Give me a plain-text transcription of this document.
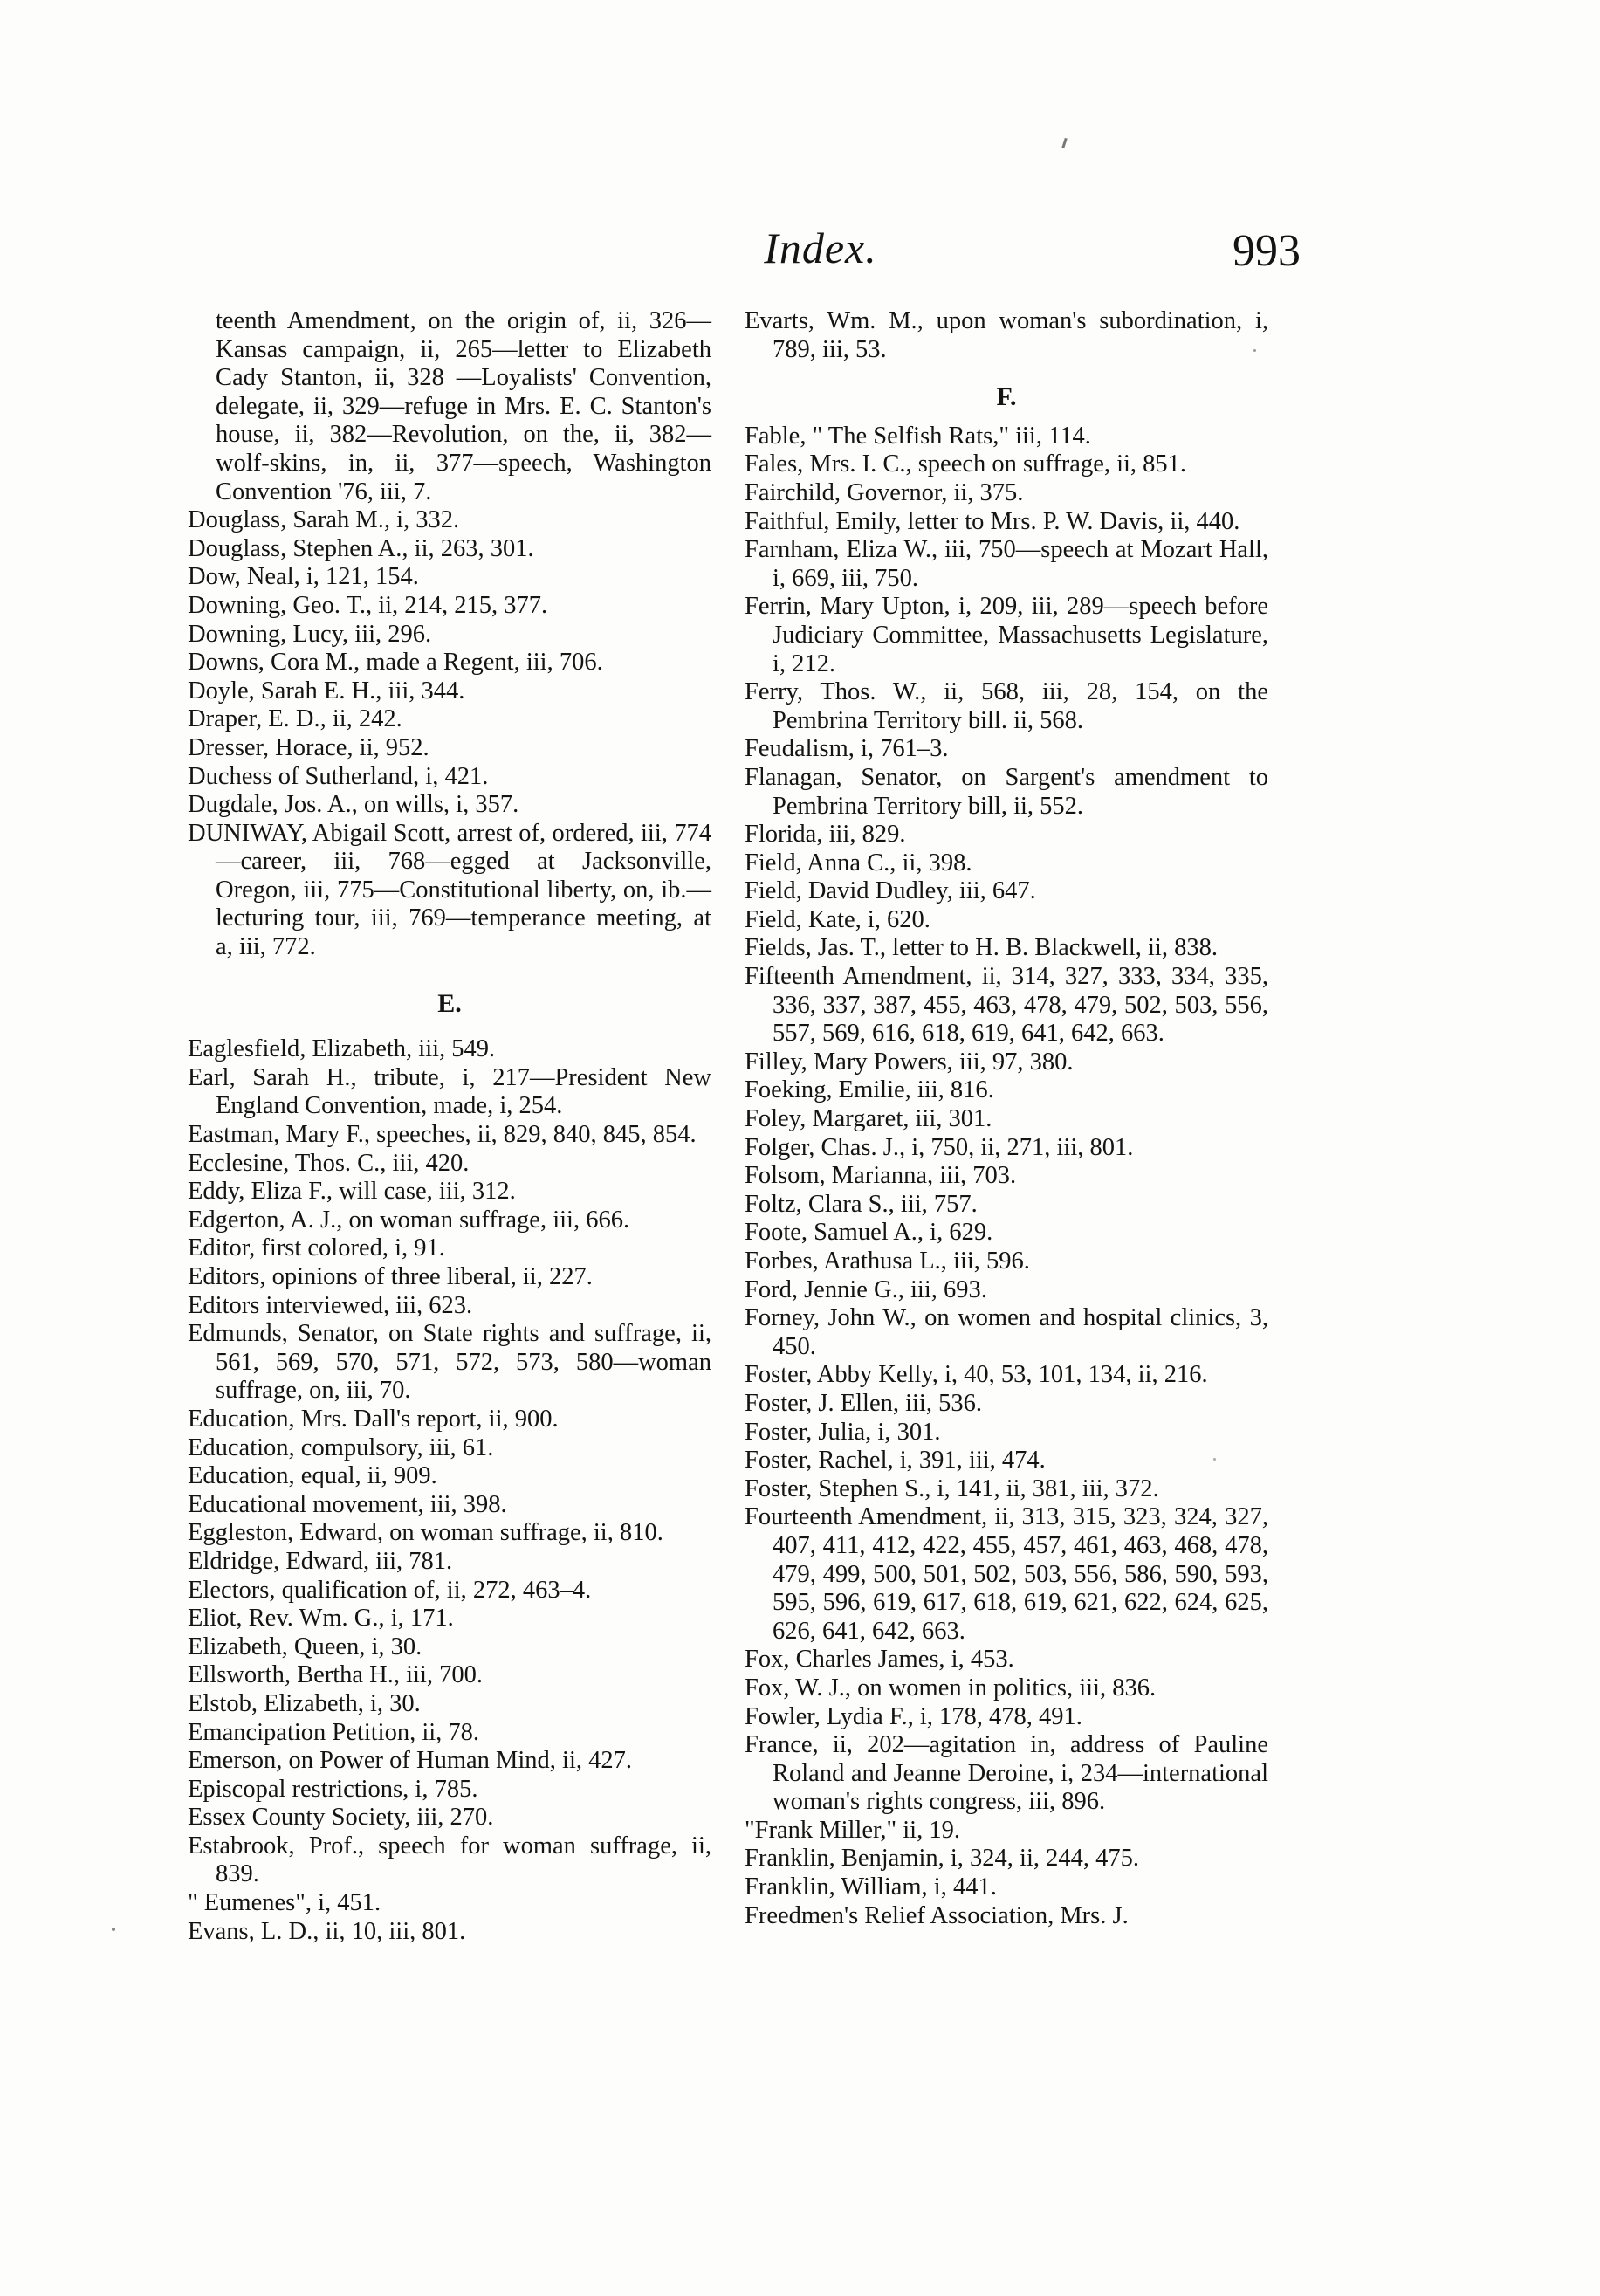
Index.	993
teenth Amendment, on the origin of, ii, 326—Kansas campaign, ii, 265—letter to Elizabeth Cady Stanton, ii, 328 —Loyalists' Convention, delegate, ii, 329—refuge in Mrs. E. C. Stanton's house, ii, 382—Revolution, on the, ii, 382—wolf-skins, in, ii, 377—speech, Washington Convention '76, iii, 7.
Douglass, Sarah M., i, 332.
Douglass, Stephen A., ii, 263, 301.
Dow, Neal, i, 121, 154.
Downing, Geo. T., ii, 214, 215, 377.
Downing, Lucy, iii, 296.
Downs, Cora M., made a Regent, iii, 706.
Doyle, Sarah E. H., iii, 344.
Draper, E. D., ii, 242.
Dresser, Horace, ii, 952.
Duchess of Sutherland, i, 421.
Dugdale, Jos. A., on wills, i, 357.
DUNIWAY, Abigail Scott, arrest of, ordered, iii, 774—career, iii, 768—egged at Jacksonville, Oregon, iii, 775—Constitutional liberty, on, ib.—lecturing tour, iii, 769—temperance meeting, at a, iii, 772.
E.
Eaglesfield, Elizabeth, iii, 549.
Earl, Sarah H., tribute, i, 217—President New England Convention, made, i, 254.
Eastman, Mary F., speeches, ii, 829, 840, 845, 854.
Ecclesine, Thos. C., iii, 420.
Eddy, Eliza F., will case, iii, 312.
Edgerton, A. J., on woman suffrage, iii, 666.
Editor, first colored, i, 91.
Editors, opinions of three liberal, ii, 227.
Editors interviewed, iii, 623.
Edmunds, Senator, on State rights and suffrage, ii, 561, 569, 570, 571, 572, 573, 580—woman suffrage, on, iii, 70.
Education, Mrs. Dall's report, ii, 900.
Education, compulsory, iii, 61.
Education, equal, ii, 909.
Educational movement, iii, 398.
Eggleston, Edward, on woman suffrage, ii, 810.
Eldridge, Edward, iii, 781.
Electors, qualification of, ii, 272, 463–4.
Eliot, Rev. Wm. G., i, 171.
Elizabeth, Queen, i, 30.
Ellsworth, Bertha H., iii, 700.
Elstob, Elizabeth, i, 30.
Emancipation Petition, ii, 78.
Emerson, on Power of Human Mind, ii, 427.
Episcopal restrictions, i, 785.
Essex County Society, iii, 270.
Estabrook, Prof., speech for woman suffrage, ii, 839.
" Eumenes", i, 451.
Evans, L. D., ii, 10, iii, 801.
Evarts, Wm. M., upon woman's subordination, i, 789, iii, 53.
F.
Fable, " The Selfish Rats," iii, 114.
Fales, Mrs. I. C., speech on suffrage, ii, 851.
Fairchild, Governor, ii, 375.
Faithful, Emily, letter to Mrs. P. W. Davis, ii, 440.
Farnham, Eliza W., iii, 750—speech at Mozart Hall, i, 669, iii, 750.
Ferrin, Mary Upton, i, 209, iii, 289—speech before Judiciary Committee, Massachusetts Legislature, i, 212.
Ferry, Thos. W., ii, 568, iii, 28, 154, on the Pembrina Territory bill. ii, 568.
Feudalism, i, 761–3.
Flanagan, Senator, on Sargent's amendment to Pembrina Territory bill, ii, 552.
Florida, iii, 829.
Field, Anna C., ii, 398.
Field, David Dudley, iii, 647.
Field, Kate, i, 620.
Fields, Jas. T., letter to H. B. Blackwell, ii, 838.
Fifteenth Amendment, ii, 314, 327, 333, 334, 335, 336, 337, 387, 455, 463, 478, 479, 502, 503, 556, 557, 569, 616, 618, 619, 641, 642, 663.
Filley, Mary Powers, iii, 97, 380.
Foeking, Emilie, iii, 816.
Foley, Margaret, iii, 301.
Folger, Chas. J., i, 750, ii, 271, iii, 801.
Folsom, Marianna, iii, 703.
Foltz, Clara S., iii, 757.
Foote, Samuel A., i, 629.
Forbes, Arathusa L., iii, 596.
Ford, Jennie G., iii, 693.
Forney, John W., on women and hospital clinics, 3, 450.
Foster, Abby Kelly, i, 40, 53, 101, 134, ii, 216.
Foster, J. Ellen, iii, 536.
Foster, Julia, i, 301.
Foster, Rachel, i, 391, iii, 474.
Foster, Stephen S., i, 141, ii, 381, iii, 372.
Fourteenth Amendment, ii, 313, 315, 323, 324, 327, 407, 411, 412, 422, 455, 457, 461, 463, 468, 478, 479, 499, 500, 501, 502, 503, 556, 586, 590, 593, 595, 596, 619, 617, 618, 619, 621, 622, 624, 625, 626, 641, 642, 663.
Fox, Charles James, i, 453.
Fox, W. J., on women in politics, iii, 836.
Fowler, Lydia F., i, 178, 478, 491.
France, ii, 202—agitation in, address of Pauline Roland and Jeanne Deroine, i, 234—international woman's rights congress, iii, 896.
"Frank Miller," ii, 19.
Franklin, Benjamin, i, 324, ii, 244, 475.
Franklin, William, i, 441.
Freedmen's Relief Association, Mrs. J.
